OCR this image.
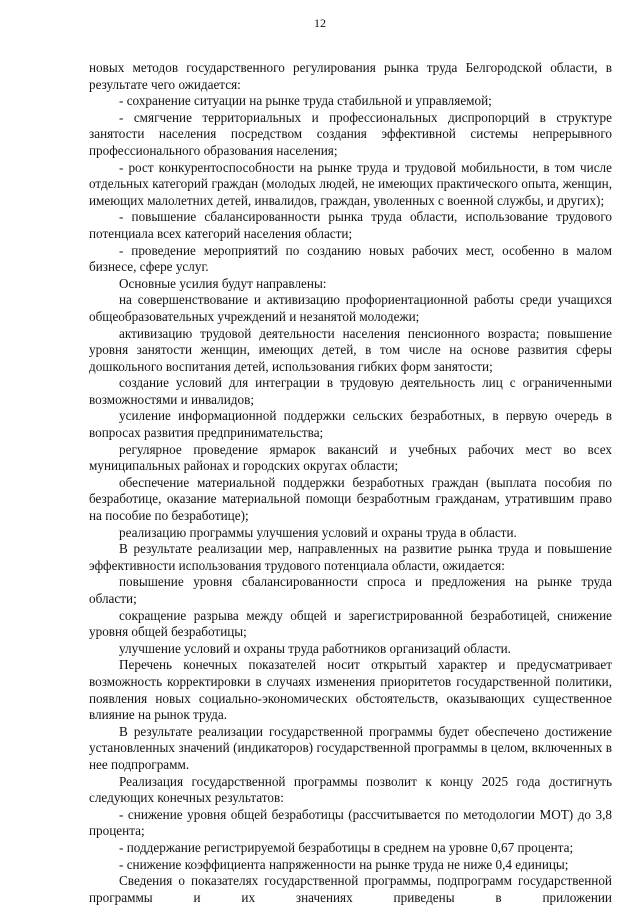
12

новых методов государственного регулирования рынка труда Белгородской области, в результате чего ожидается:

- сохранение ситуации на рынке труда стабильной и управляемой;

- смягчение территориальных и профессиональных диспропорций в структуре занятости населения посредством создания эффективной системы непрерывного профессионального образования населения;

- рост конкурентоспособности на рынке труда и трудовой мобильности, в том числе отдельных категорий граждан (молодых людей, не имеющих практического опыта, женщин, имеющих малолетних детей, инвалидов, граждан, уволенных с военной службы, и других);

- повышение сбалансированности рынка труда области, использование трудового потенциала всех категорий населения области;

- проведение мероприятий по созданию новых рабочих мест, особенно в малом бизнесе, сфере услуг.

Основные усилия будут направлены:

на совершенствование и активизацию профориентационной работы среди учащихся общеобразовательных учреждений и незанятой молодежи;

активизацию трудовой деятельности населения пенсионного возраста; повышение уровня занятости женщин, имеющих детей, в том числе на основе развития сферы дошкольного воспитания детей, использования гибких форм занятости;

создание условий для интеграции в трудовую деятельность лиц с ограниченными возможностями и инвалидов;

усиление информационной поддержки сельских безработных, в первую очередь в вопросах развития предпринимательства;

регулярное проведение ярмарок вакансий и учебных рабочих мест во всех муниципальных районах и городских округах области;

обеспечение материальной поддержки безработных граждан (выплата пособия по безработице, оказание материальной помощи безработным гражданам, утратившим право на пособие по безработице);

реализацию программы улучшения условий и охраны труда в области.

В результате реализации мер, направленных на развитие рынка труда и повышение эффективности использования трудового потенциала области, ожидается:

повышение уровня сбалансированности спроса и предложения на рынке труда области;

сокращение разрыва между общей и зарегистрированной безработицей, снижение уровня общей безработицы;

улучшение условий и охраны труда работников организаций области.

Перечень конечных показателей носит открытый характер и предусматривает возможность корректировки в случаях изменения приоритетов государственной политики, появления новых социально-экономических обстоятельств, оказывающих существенное влияние на рынок труда.

В результате реализации государственной программы будет обеспечено достижение установленных значений (индикаторов) государственной программы в целом, включенных в нее подпрограмм.

Реализация государственной программы позволит к концу 2025 года достигнуть следующих конечных результатов:

- снижение уровня общей безработицы (рассчитывается по методологии МОТ) до 3,8 процента;

- поддержание регистрируемой безработицы в среднем на уровне 0,67 процента;

- снижение коэффициента напряженности на рынке труда не ниже 0,4 единицы;

Сведения о показателях государственной программы, подпрограмм государственной программы и их значениях приведены в приложении
